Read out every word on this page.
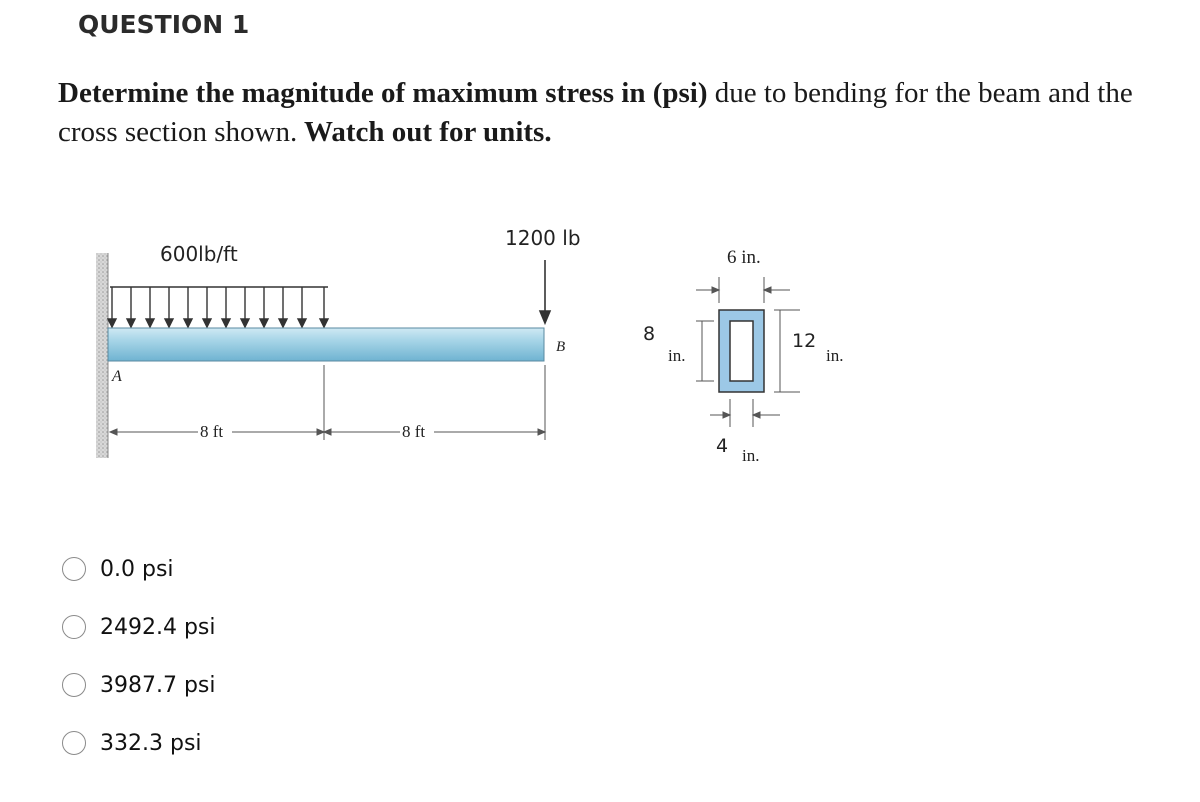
QUESTION 1
Determine the magnitude of maximum stress in (psi) due to bending for the beam and the cross section shown. Watch out for units.
600lb/ft
1200 lb
A
B
8 ft	8 ft
6 in.
8
in.
12
in.
4 in.
0.0 psi
2492.4 psi
3987.7 psi
332.3 psi
